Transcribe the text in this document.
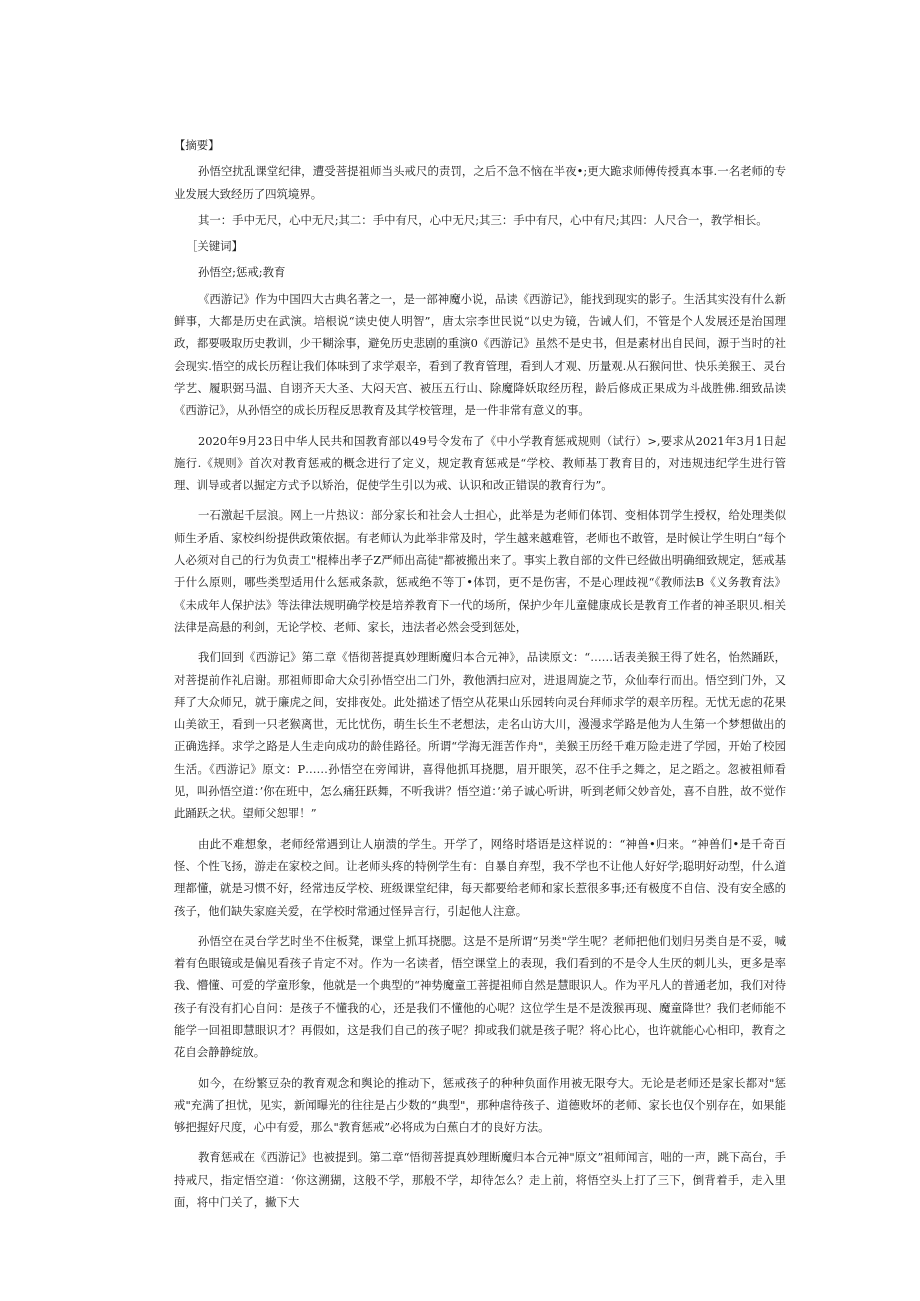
【摘要】

孙悟空扰乱课堂纪律，遭受菩提祖师当头戒尺的责罚，之后不急不恼在半夜•;更大跪求师傅传授真本事.一名老师的专业发展大致经历了四筑境界。

其一：手中无尺，心中无尺;其二：手中有尺，心中无尺;其三：手中有尺，心中有尺;其四：人尺合一，教学相长。

［关键词】

孙悟空;惩戒;教育

《西游记》作为中国四大古典名著之一，是一部神魔小说，品读《西游记》，能找到现实的影子。生活其实没有什么新鲜事，大都是历史在武演。培根说“读史使人明智”，唐太宗李世民说“以史为镜，告诫人们，不管是个人发展还是治国理政，都要吸取历史教训，少干糊涂事，避免历史悲剧的重演0《西游记》虽然不是史书，但是素材出自民间，源于当时的社会现实.悟空的成长历程让我们体味到了求学艰辛，看到了教育管理，看到人才观、历量观.从石猴问世、快乐美猴王、灵台学艺、履职弼马温、自诩齐天大圣、大闷天宫、被压五行山、除魔降妖取经历程，龄后修成正果成为斗战胜佛.细致品读《西游记》，从孙悟空的成长历程反思教育及其学校管理，是一件非常有意义的事。

2020年9月23日中华人民共和国教育部以49号令发布了《中小学教育惩戒规则（试行）>,要求从2021年3月1日起施行.《规则》首次对教育惩戒的概念进行了定义，规定教育惩戒是“学校、教师基丁教育目的，对违规违纪学生进行管理、训导或者以掘定方式予以矫治，促使学生引以为戒、认识和改正错误的教育行为”。

一石激起千层浪。网上一片热议：部分家长和社会人士担心，此举是为老师们体罚、变相体罚学生授权，给处理类似师生矛盾、家校纠纷提供政策依据。有老师认为此举非常及时，学生越来越难管，老师也不敢管，是时候让学生明白“每个人必须对自己的行为负责工"棍棒出孝子Z严师出高徒"都被搬出来了。事实上教自部的文件已经做出明确细致规定，惩戒基于什么原则，哪些类型适用什么惩戒条款，惩戒绝不等丁•体罚，更不是伤害，不是心理歧视“《教师法B《义务教育法》《未成年人保护法》等法律法规明确学校是培养教育下一代的场所，保护少年儿童健康成长是教育工作者的神圣职贝.相关法律是高悬的利剑，无论学校、老师、家长，违法者必然会受到惩处，

我们回到《西游记》第二章《悟彻菩提真妙理断魔归本合元神》，品读原文：“……话表美猴王得了姓名，怡然踊跃，对菩提前作礼启谢。那祖师即命大众引孙悟空出二门外，教他洒扫应对，进退周旋之节，众仙奉行而出。悟空到门外，又拜了大众师兄，就于廉虎之间，安排夜处。此处描述了悟空从花果山乐园转向灵台拜师求学的艰辛历程。无忧无虑的花果山美欲王，看到一只老猴离世，无比忧伤，萌生长生不老想法，走名山访大川，漫漫求学路是他为人生第一个梦想做出的正确选择。求学之路是人生走向成功的龄佳路径。所谓“学海无涯苦作舟"，美猴王历经千难万险走进了学园，开始了校园生活。《西游记》原文：P……孙悟空在旁闻讲，喜得他抓耳挠腮，眉开眼笑，忍不住手之舞之，足之蹈之。忽被祖师看见，叫孙悟空道：’你在班中，怎么痛狂跃舞，不听我讲？悟空道：’弟子诚心听讲，听到老师父妙音处，喜不自胜，故不觉作此踊跃之状。望师父恕罪！”

由此不难想象，老师经常遇到让人崩溃的学生。开学了，网络时塔语是这样说的：“神兽•归来。“神兽们•是千奇百怪、个性飞扬，游走在家校之间。让老师头疼的特例学生有：自暴自弃型，我不学也不让他人好好学;聪明好动型，什么道理都懂，就是习惯不好，经常违反学校、班级课堂纪律，每天都要给老师和家长惹很多事;还有极度不自信、没有安全感的孩子，他们缺失家庭关爱，在学校时常通过怪异言行，引起他人注意。

孙悟空在灵台学艺时坐不住板凳，课堂上抓耳挠腮。这是不是所谓“另类"学生呢？老师把他们划归另类自是不妥，喊着有色眼镜或是偏见看孩子肯定不对。作为一名读者，悟空课堂上的表现，我们看到的不是令人生厌的刺儿头，更多是率我、懵懂、可爱的学童形象，他就是一个典型的“神势魔童工菩提祖师自然是慧眼识人。作为平凡人的普通老加，我们对待孩子有没有扪心自问：是孩子不懂我的心，还是我们不懂他的心呢？这位学生是不是泼猴再现、魔童降世？我们老师能不能学一回祖即慧眼识才？再假如，这是我们自己的孩子呢？抑或我们就是孩子呢？将心比心，也许就能心心相印，教育之花自会静静绽放。

如今，在纷繁豆杂的教育观念和舆论的推动下，惩戒孩子的种种负面作用被无限夸大。无论是老师还是家长都对"惩戒"充满了担忧，见实，新闻曝光的往往是占少数的“典型"，那种虐待孩子、道德败坏的老师、家长也仅个别存在，如果能够把握好尺度，心中有爱，那么"教育惩戒”必将成为白蕉白才的良好方法。

教育惩戒在《西游记》也被提到。第二章“悟彻菩提真妙理断魔归本合元神"原文”祖师闻言，咄的一声，跳下高台，手持戒尺，指定悟空道：‘你这溯猢，这般不学，那般不学，却待怎么？走上前，将悟空头上打了三下，倒背着手，走入里面，将中门关了，撇下大
